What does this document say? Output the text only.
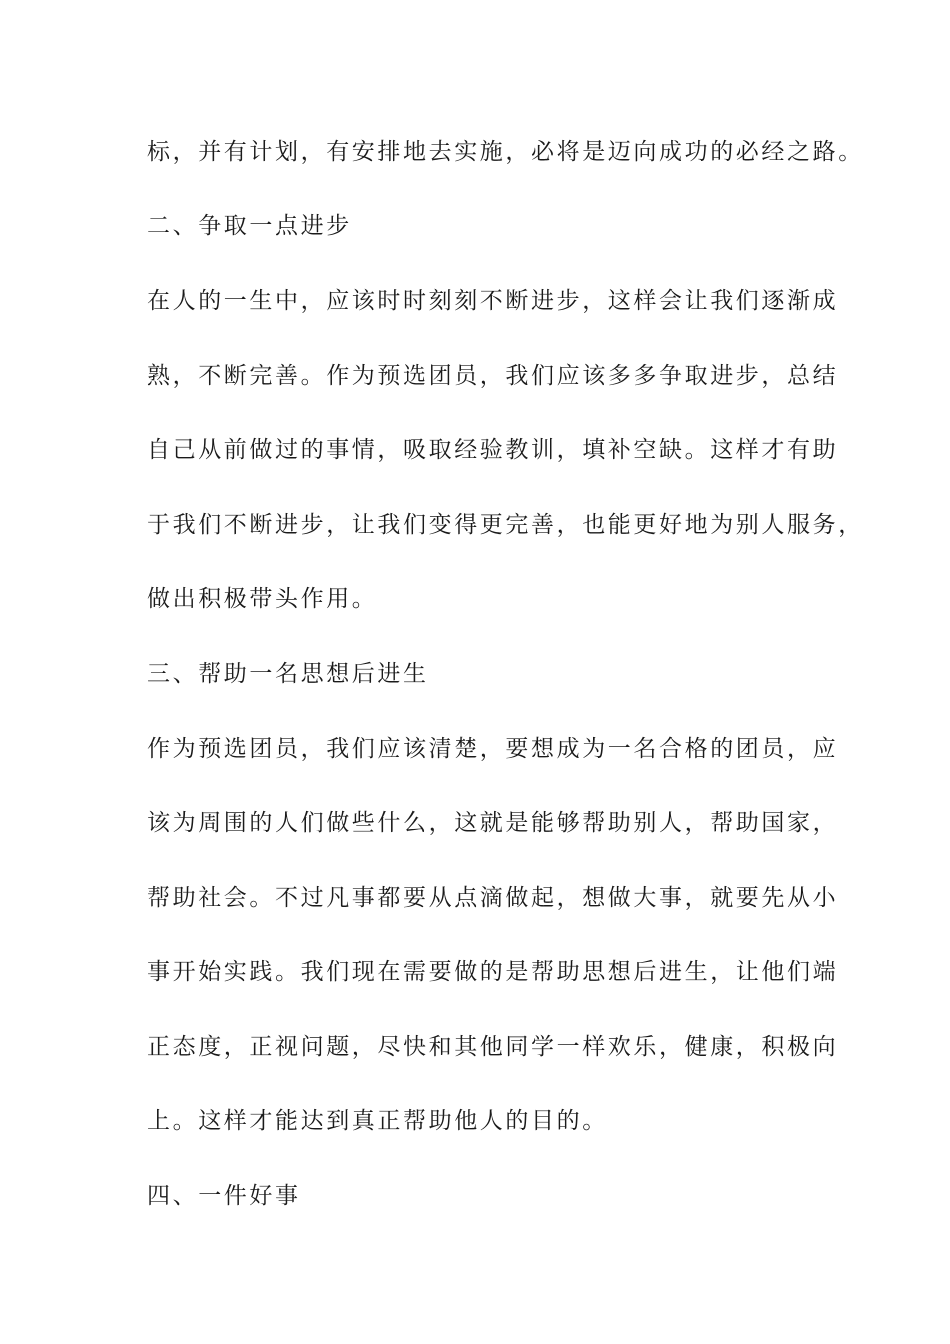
标，并有计划，有安排地去实施，必将是迈向成功的必经之路。
二、争取一点进步
在人的一生中，应该时时刻刻不断进步，这样会让我们逐渐成
熟，不断完善。作为预选团员，我们应该多多争取进步，总结
自己从前做过的事情，吸取经验教训，填补空缺。这样才有助
于我们不断进步，让我们变得更完善，也能更好地为别人服务，
做出积极带头作用。
三、帮助一名思想后进生
作为预选团员，我们应该清楚，要想成为一名合格的团员，应
该为周围的人们做些什么，这就是能够帮助别人，帮助国家，
帮助社会。不过凡事都要从点滴做起，想做大事，就要先从小
事开始实践。我们现在需要做的是帮助思想后进生，让他们端
正态度，正视问题，尽快和其他同学一样欢乐，健康，积极向
上。这样才能达到真正帮助他人的目的。
四、一件好事
